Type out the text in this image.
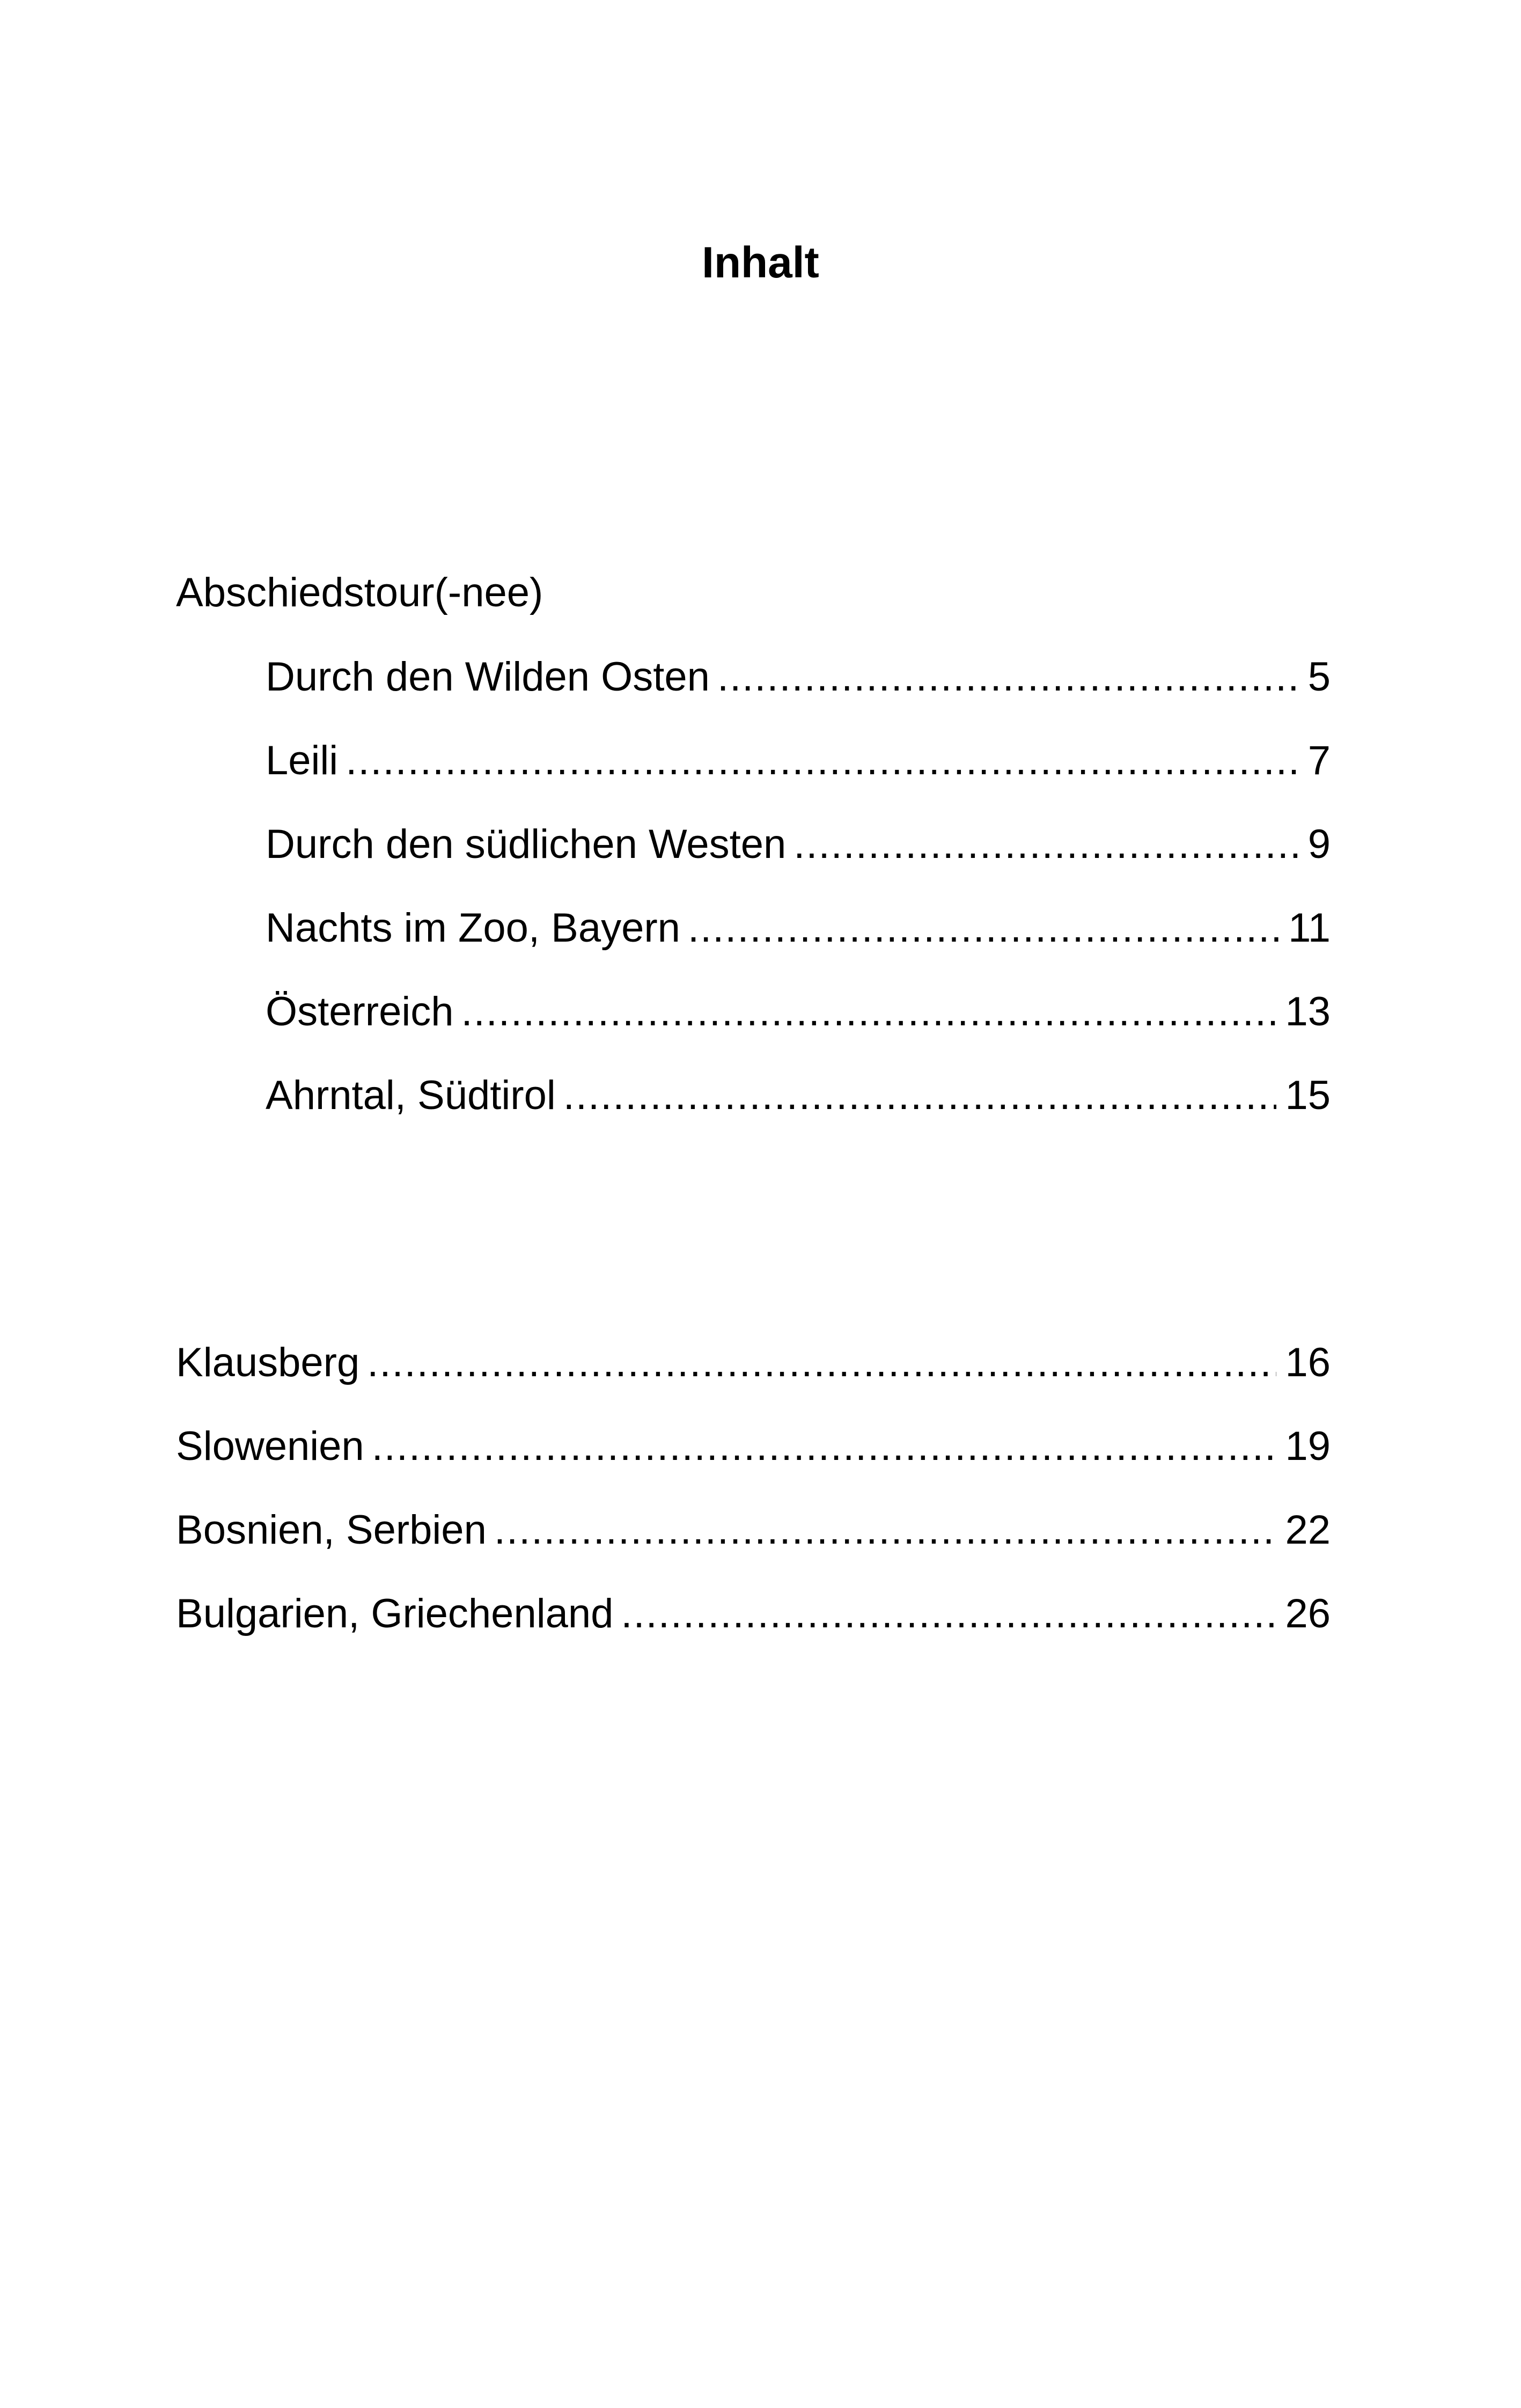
Inhalt
Abschiedstour(-nee)
Durch den Wilden Osten .....	5
Leili .....	7
Durch den südlichen Westen .....	9
Nachts im Zoo, Bayern .....	11
Österreich .....	13
Ahrntal, Südtirol .....	15
Klausberg .....	16
Slowenien .....	19
Bosnien, Serbien .....	22
Bulgarien, Griechenland .....	26
